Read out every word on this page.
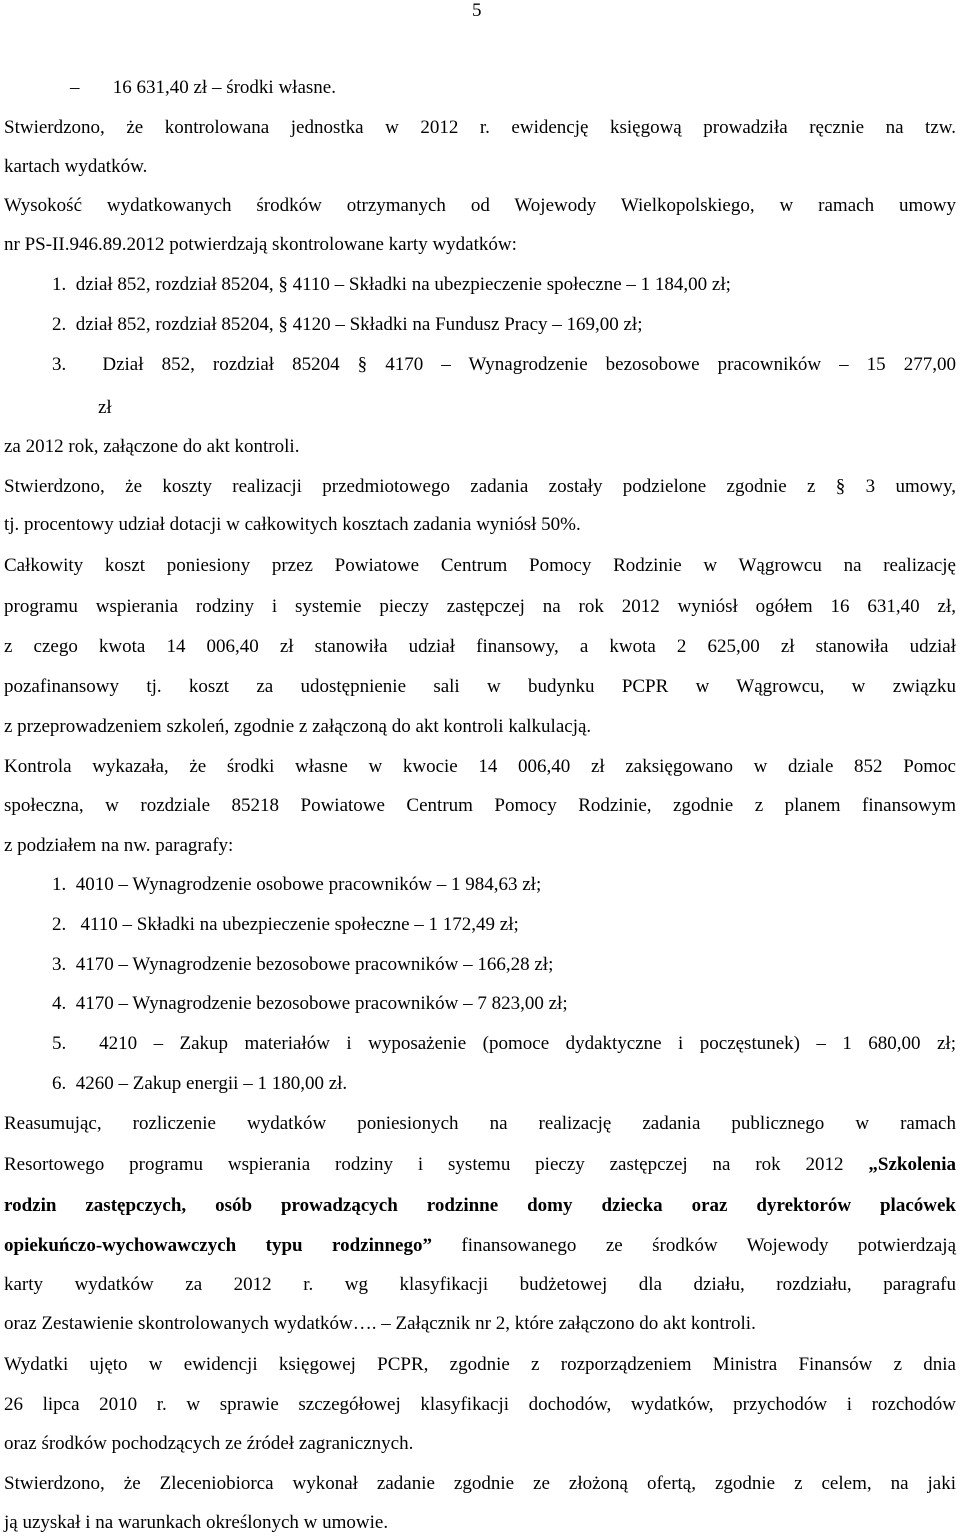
5
–       16 631,40 zł – środki własne.
Stwierdzono, że kontrolowana jednostka w 2012 r. ewidencję księgową prowadziła ręcznie na tzw.
kartach wydatków.
Wysokość wydatkowanych środków otrzymanych od Wojewody Wielkopolskiego, w ramach umowy
nr PS-II.946.89.2012 potwierdzają skontrolowane karty wydatków:
1.  dział 852, rozdział 85204, § 4110 – Składki na ubezpieczenie społeczne – 1 184,00 zł;
2.  dział 852, rozdział 85204, § 4120 – Składki na Fundusz Pracy – 169,00 zł;
3.  Dział 852, rozdział 85204 § 4170 – Wynagrodzenie bezosobowe pracowników – 15 277,00
zł
za 2012 rok, załączone do akt kontroli.
Stwierdzono, że koszty realizacji przedmiotowego zadania zostały podzielone zgodnie z § 3 umowy,
tj. procentowy udział dotacji w całkowitych kosztach zadania wyniósł 50%.
Całkowity koszt poniesiony przez Powiatowe Centrum Pomocy Rodzinie w Wągrowcu na realizację
programu wspierania rodziny i systemie pieczy zastępczej na rok 2012 wyniósł ogółem 16 631,40 zł,
z czego kwota 14 006,40 zł stanowiła udział finansowy, a kwota 2 625,00 zł stanowiła udział
pozafinansowy tj. koszt za udostępnienie sali w budynku PCPR w Wągrowcu, w związku
z przeprowadzeniem szkoleń, zgodnie z załączoną do akt kontroli kalkulacją.
Kontrola wykazała, że środki własne w kwocie 14 006,40 zł zaksięgowano w dziale 852 Pomoc
społeczna, w rozdziale 85218 Powiatowe Centrum Pomocy Rodzinie, zgodnie z planem finansowym
z podziałem na nw. paragrafy:
1.  4010 – Wynagrodzenie osobowe pracowników – 1 984,63 zł;
2.   4110 – Składki na ubezpieczenie społeczne – 1 172,49 zł;
3.  4170 – Wynagrodzenie bezosobowe pracowników – 166,28 zł;
4.  4170 – Wynagrodzenie bezosobowe pracowników – 7 823,00 zł;
5.  4210 – Zakup materiałów i wyposażenie (pomoce dydaktyczne i poczęstunek) – 1 680,00 zł;
6.  4260 – Zakup energii – 1 180,00 zł.
Reasumując, rozliczenie wydatków poniesionych na realizację zadania publicznego w ramach
Resortowego programu wspierania rodziny i systemu pieczy zastępczej na rok 2012 „Szkolenia
rodzin zastępczych, osób prowadzących rodzinne domy dziecka oraz dyrektorów placówek
opiekuńczo-wychowawczych typu rodzinnego” finansowanego ze środków Wojewody potwierdzają
karty wydatków za 2012 r. wg klasyfikacji budżetowej dla działu, rozdziału, paragrafu
oraz Zestawienie skontrolowanych wydatków…. – Załącznik nr 2, które załączono do akt kontroli.
Wydatki ujęto w ewidencji księgowej PCPR, zgodnie z rozporządzeniem Ministra Finansów z dnia
26 lipca 2010 r. w sprawie szczegółowej klasyfikacji dochodów, wydatków, przychodów i rozchodów
oraz środków pochodzących ze źródeł zagranicznych.
Stwierdzono, że Zleceniobiorca wykonał zadanie zgodnie ze złożoną ofertą, zgodnie z celem, na jaki
ją uzyskał i na warunkach określonych w umowie.
